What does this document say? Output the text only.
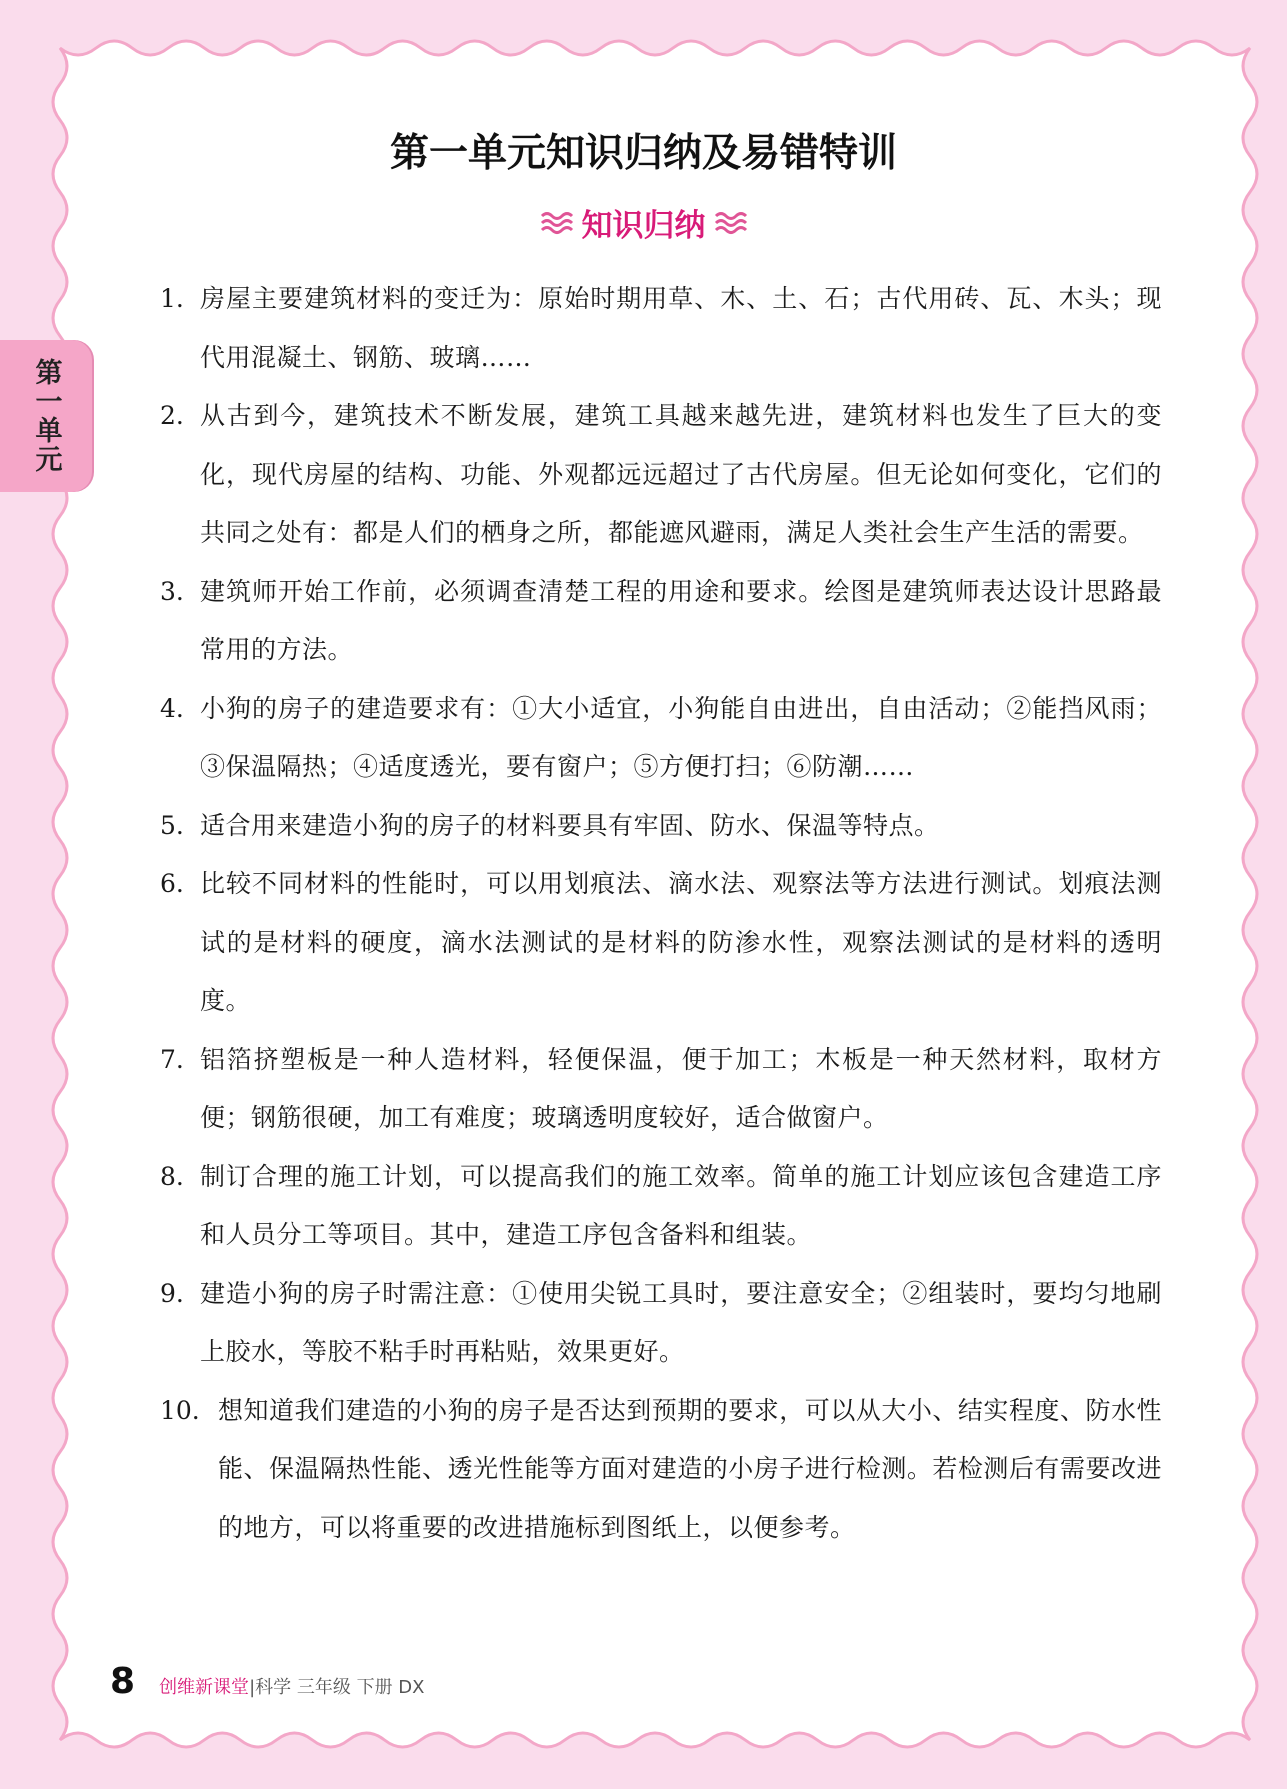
第一单元
第一单元知识归纳及易错特训
知识归纳
1. 房屋主要建筑材料的变迁为：原始时期用草、木、土、石；古代用砖、瓦、木头；现代用混凝土、钢筋、玻璃……
2. 从古到今，建筑技术不断发展，建筑工具越来越先进，建筑材料也发生了巨大的变化，现代房屋的结构、功能、外观都远远超过了古代房屋。但无论如何变化，它们的共同之处有：都是人们的栖身之所，都能遮风避雨，满足人类社会生产生活的需要。
3. 建筑师开始工作前，必须调查清楚工程的用途和要求。绘图是建筑师表达设计思路最常用的方法。
4. 小狗的房子的建造要求有：①大小适宜，小狗能自由进出，自由活动；②能挡风雨；③保温隔热；④适度透光，要有窗户；⑤方便打扫；⑥防潮……
5. 适合用来建造小狗的房子的材料要具有牢固、防水、保温等特点。
6. 比较不同材料的性能时，可以用划痕法、滴水法、观察法等方法进行测试。划痕法测试的是材料的硬度，滴水法测试的是材料的防渗水性，观察法测试的是材料的透明度。
7. 铝箔挤塑板是一种人造材料，轻便保温，便于加工；木板是一种天然材料，取材方便；钢筋很硬，加工有难度；玻璃透明度较好，适合做窗户。
8. 制订合理的施工计划，可以提高我们的施工效率。简单的施工计划应该包含建造工序和人员分工等项目。其中，建造工序包含备料和组装。
9. 建造小狗的房子时需注意：①使用尖锐工具时，要注意安全；②组装时，要均匀地刷上胶水，等胶不粘手时再粘贴，效果更好。
10. 想知道我们建造的小狗的房子是否达到预期的要求，可以从大小、结实程度、防水性能、保温隔热性能、透光性能等方面对建造的小房子进行检测。若检测后有需要改进的地方，可以将重要的改进措施标到图纸上，以便参考。
8 创维新课堂|科学 三年级 下册 DX
